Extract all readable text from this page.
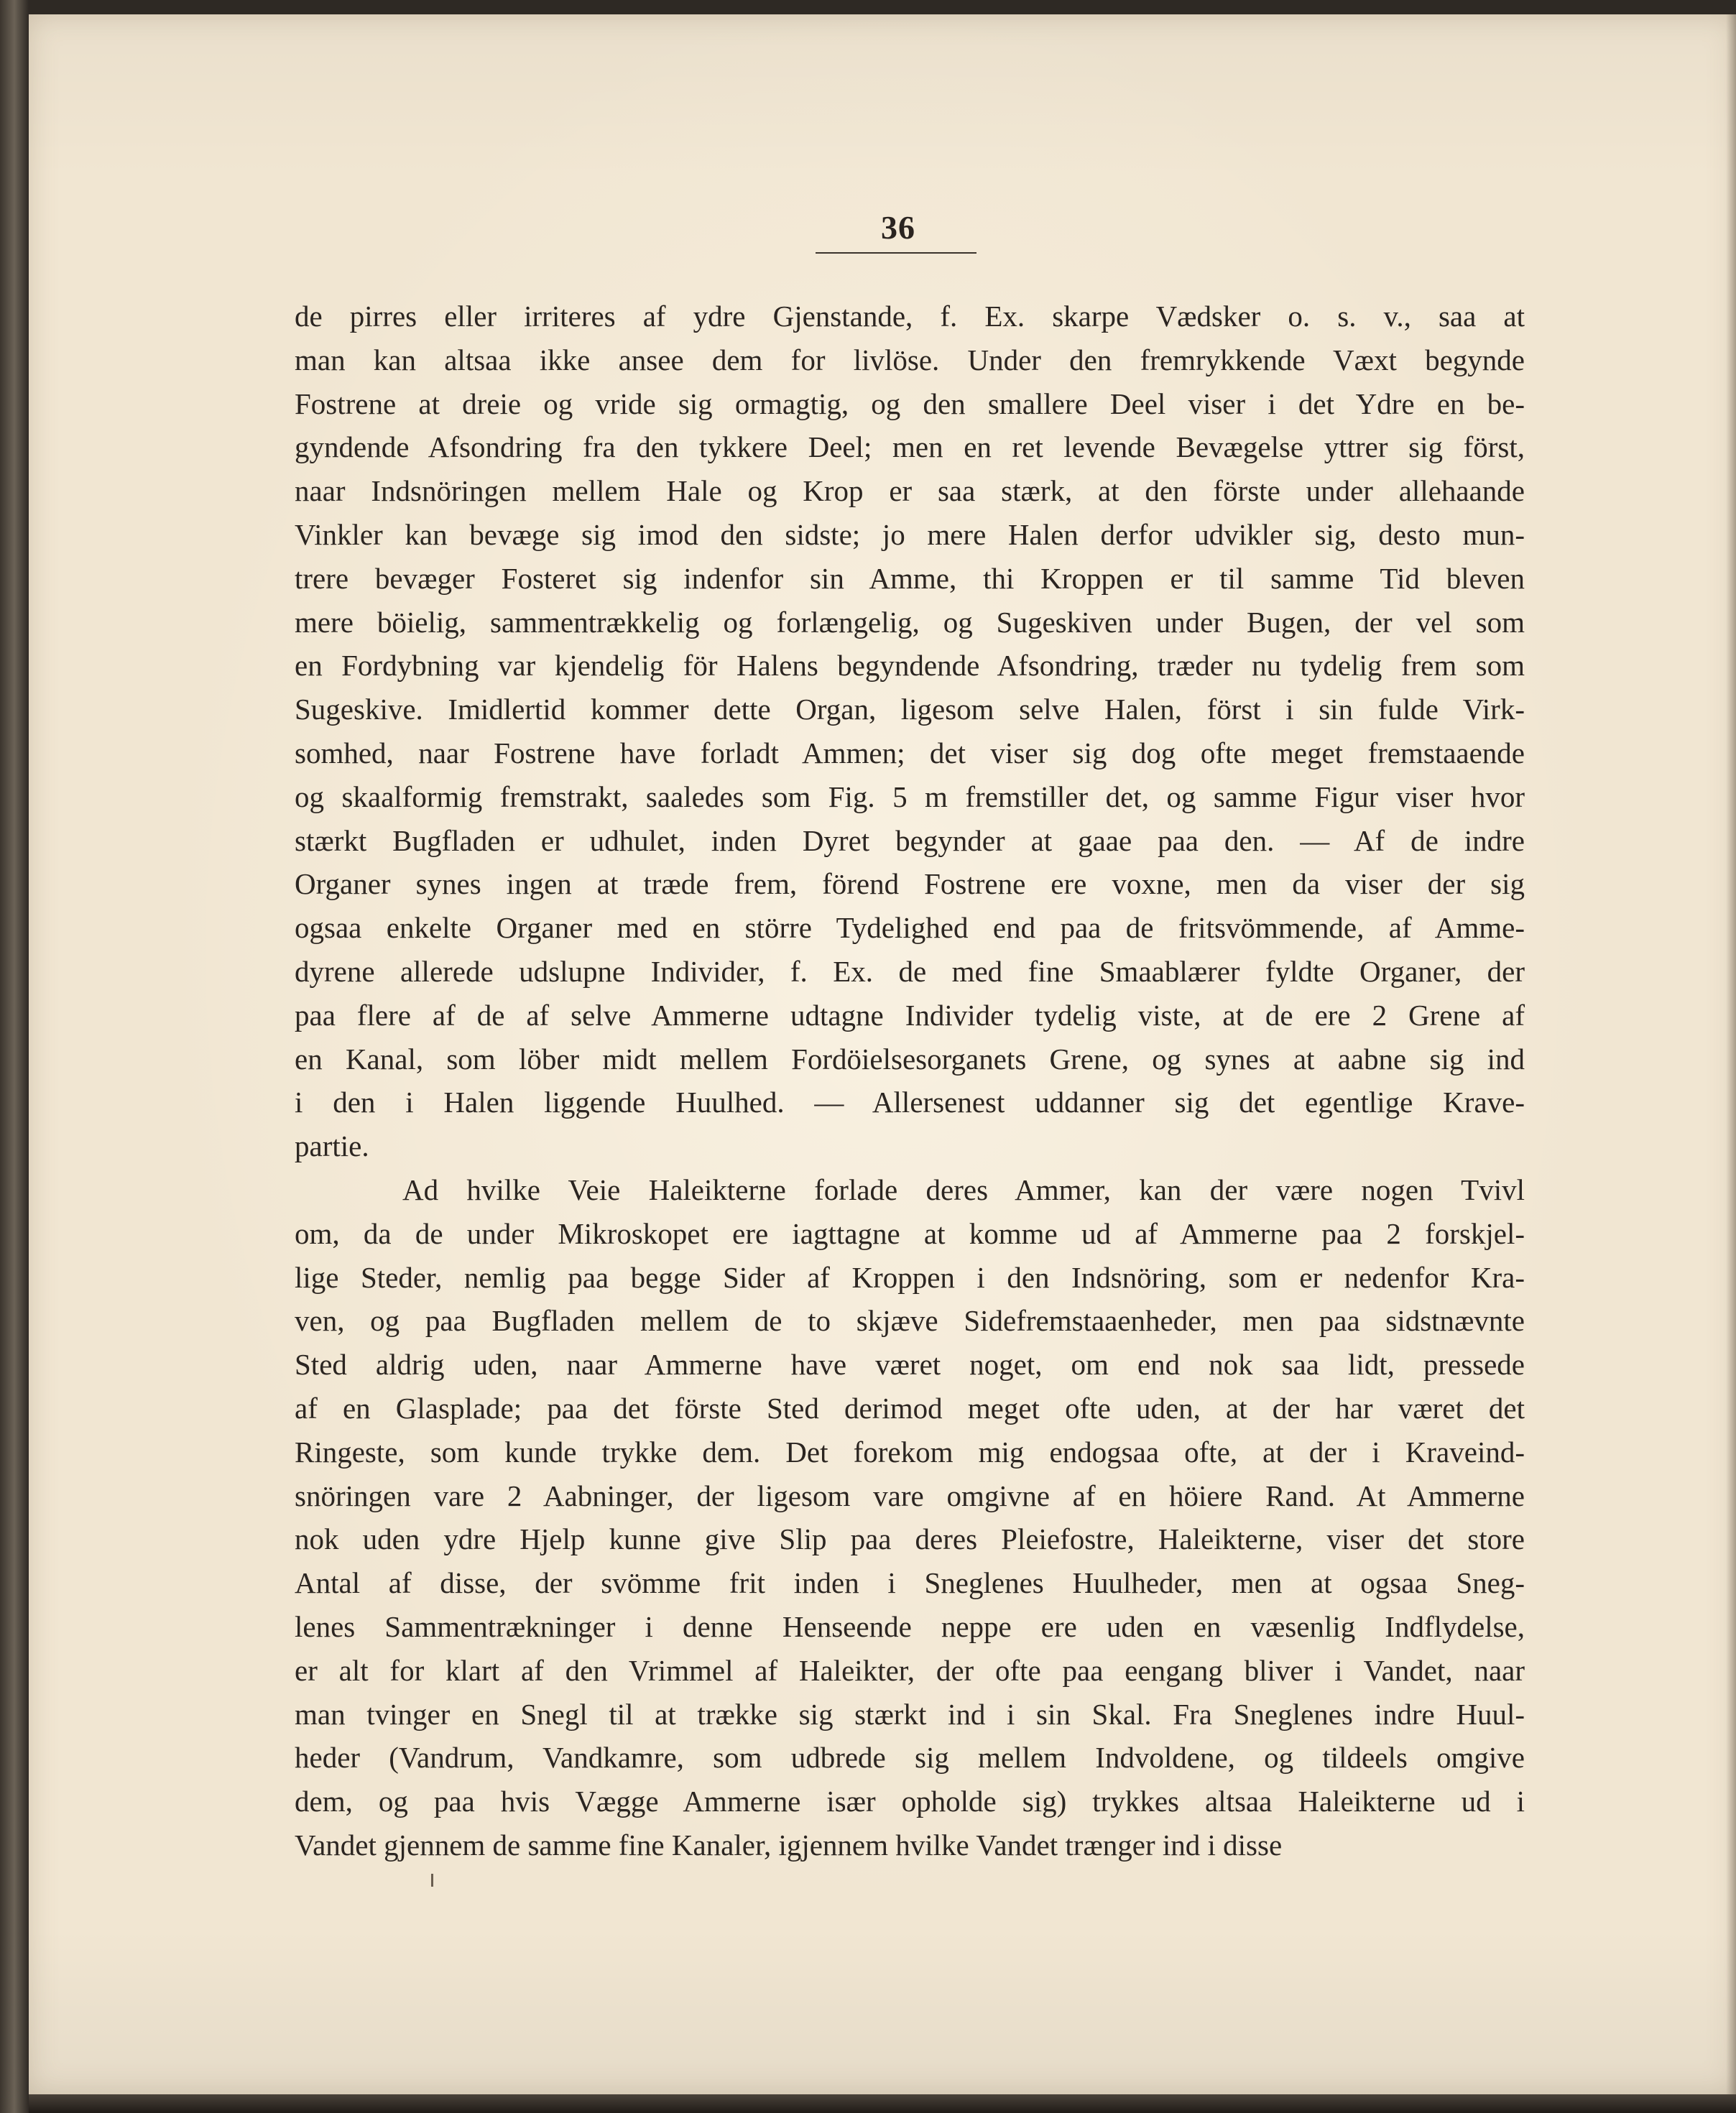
36
de pirres eller irriteres af ydre Gjenstande, f. Ex. skarpe Vædsker o. s. v., saa at
man kan altsaa ikke ansee dem for livlöse. Under den fremrykkende Væxt begynde
Fostrene at dreie og vride sig ormagtig, og den smallere Deel viser i det Ydre en be-
gyndende Afsondring fra den tykkere Deel; men en ret levende Bevægelse yttrer sig först,
naar Indsnöringen mellem Hale og Krop er saa stærk, at den förste under allehaande
Vinkler kan bevæge sig imod den sidste; jo mere Halen derfor udvikler sig, desto mun-
trere bevæger Fosteret sig indenfor sin Amme, thi Kroppen er til samme Tid bleven
mere böielig, sammentrækkelig og forlængelig, og Sugeskiven under Bugen, der vel som
en Fordybning var kjendelig för Halens begyndende Afsondring, træder nu tydelig frem som
Sugeskive. Imidlertid kommer dette Organ, ligesom selve Halen, först i sin fulde Virk-
somhed, naar Fostrene have forladt Ammen; det viser sig dog ofte meget fremstaaende
og skaalformig fremstrakt, saaledes som Fig. 5 m fremstiller det, og samme Figur viser hvor
stærkt Bugfladen er udhulet, inden Dyret begynder at gaae paa den. — Af de indre
Organer synes ingen at træde frem, förend Fostrene ere voxne, men da viser der sig
ogsaa enkelte Organer med en större Tydelighed end paa de fritsvömmende, af Amme-
dyrene allerede udslupne Individer, f. Ex. de med fine Smaablærer fyldte Organer, der
paa flere af de af selve Ammerne udtagne Individer tydelig viste, at de ere 2 Grene af
en Kanal, som löber midt mellem Fordöielsesorganets Grene, og synes at aabne sig ind
i den i Halen liggende Huulhed. — Allersenest uddanner sig det egentlige Krave-
partie.
Ad hvilke Veie Haleikterne forlade deres Ammer, kan der være nogen Tvivl
om, da de under Mikroskopet ere iagttagne at komme ud af Ammerne paa 2 forskjel-
lige Steder, nemlig paa begge Sider af Kroppen i den Indsnöring, som er nedenfor Kra-
ven, og paa Bugfladen mellem de to skjæve Sidefremstaaenheder, men paa sidstnævnte
Sted aldrig uden, naar Ammerne have været noget, om end nok saa lidt, pressede
af en Glasplade; paa det förste Sted derimod meget ofte uden, at der har været det
Ringeste, som kunde trykke dem. Det forekom mig endogsaa ofte, at der i Kraveind-
snöringen vare 2 Aabninger, der ligesom vare omgivne af en höiere Rand. At Ammerne
nok uden ydre Hjelp kunne give Slip paa deres Pleiefostre, Haleikterne, viser det store
Antal af disse, der svömme frit inden i Sneglenes Huulheder, men at ogsaa Sneg-
lenes Sammentrækninger i denne Henseende neppe ere uden en væsenlig Indflydelse,
er alt for klart af den Vrimmel af Haleikter, der ofte paa eengang bliver i Vandet, naar
man tvinger en Snegl til at trække sig stærkt ind i sin Skal. Fra Sneglenes indre Huul-
heder (Vandrum, Vandkamre, som udbrede sig mellem Indvoldene, og tildeels omgive
dem, og paa hvis Vægge Ammerne især opholde sig) trykkes altsaa Haleikterne ud i
Vandet gjennem de samme fine Kanaler, igjennem hvilke Vandet trænger ind i disse
